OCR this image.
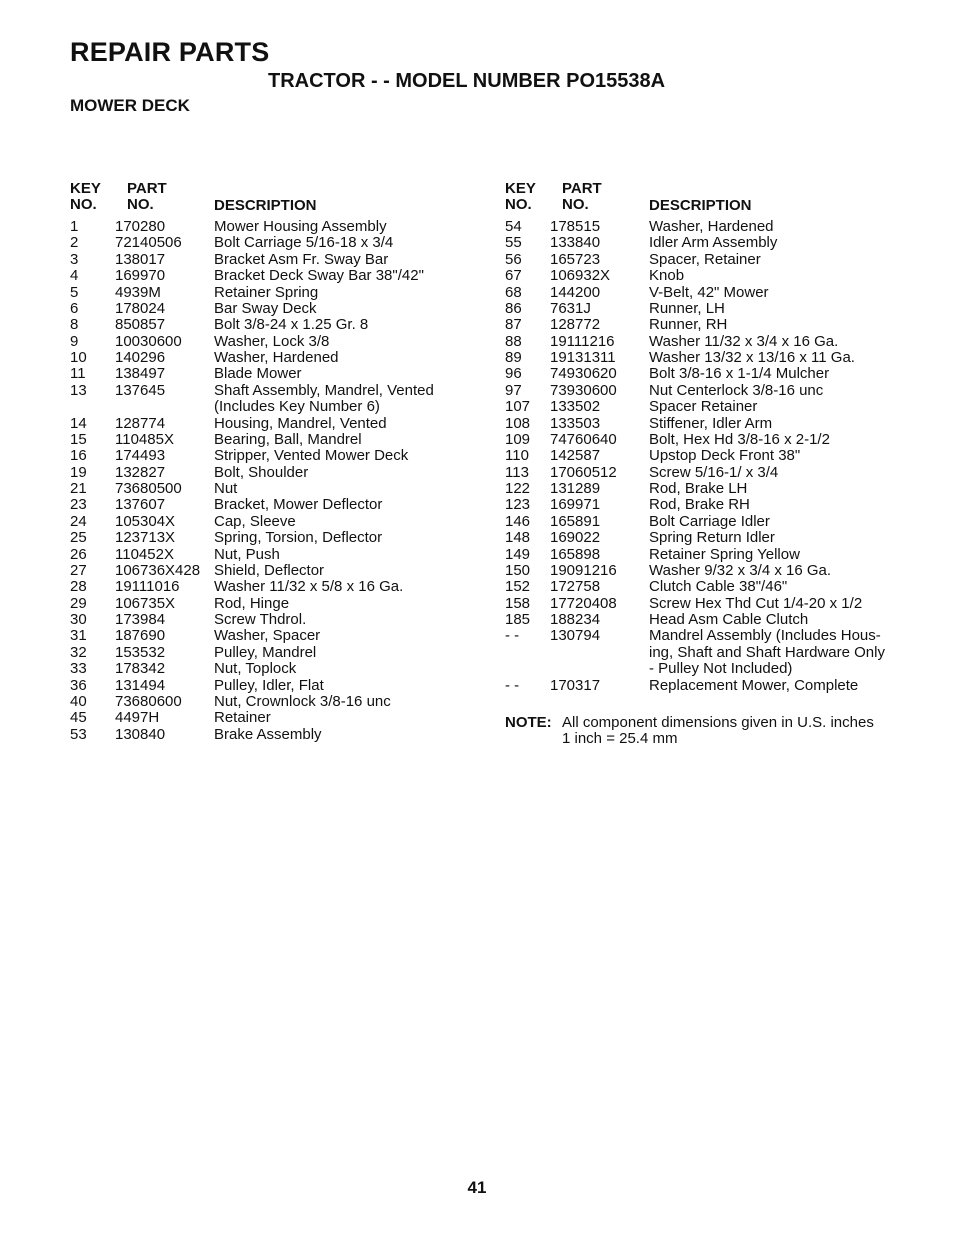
REPAIR PARTS
TRACTOR - - MODEL NUMBER PO15538A
MOWER DECK
KEY
NO.
PART
NO.	DESCRIPTION
1 170280	Mower Housing Assembly
2 72140506 Bolt Carriage 5/16-18 x 3/4
3 138017	Bracket Asm Fr. Sway Bar
4 169970	Bracket Deck Sway Bar 38"/42"
5 4939M	Retainer Spring
6 178024	Bar Sway Deck
8 850857	Bolt 3/8-24 x 1.25 Gr. 8
9 10030600 Washer, Lock 3/8
10 140296	Washer, Hardened
11 138497	Blade Mower
13 137645	Shaft Assembly, Mandrel, Vented
(Includes Key Number 6)
14 128774	Housing, Mandrel, Vented
15 110485X	Bearing, Ball, Mandrel
16 174493	Stripper, Vented Mower Deck
19 132827	Bolt, Shoulder
21 73680500 Nut
23 137607	Bracket, Mower Deflector
24 105304X	Cap, Sleeve
25 123713X	Spring, Torsion, Deflector
26 110452X	Nut, Push
27 106736X428 Shield, Deflector
28 19111016 Washer 11/32 x 5/8 x 16 Ga.
29 106735X	Rod, Hinge
30 173984	Screw Thdrol.
31 187690	Washer, Spacer
32 153532	Pulley, Mandrel
33 178342	Nut, Toplock
36 131494	Pulley, Idler, Flat
40 73680600 Nut, Crownlock 3/8-16 unc
45 4497H	Retainer
53 130840	Brake Assembly
KEY
NO.
PART
NO.	DESCRIPTION
54 178515	Washer, Hardened
55 133840	Idler Arm Assembly
56 165723	Spacer, Retainer
67 106932X	Knob
68 144200	V-Belt, 42" Mower
86 7631J	Runner, LH
87 128772	Runner, RH
88 19111216 Washer 11/32 x 3/4 x 16 Ga.
89 19131311 Washer 13/32 x 13/16 x 11 Ga.
96 74930620 Bolt 3/8-16 x 1-1/4 Mulcher
97 73930600 Nut Centerlock 3/8-16 unc
107 133502	Spacer Retainer
108 133503	Stiffener, Idler Arm
109 74760640 Bolt, Hex Hd 3/8-16 x 2-1/2
110 142587	Upstop Deck Front 38"
113 17060512 Screw 5/16-1/ x 3/4
122 131289	Rod, Brake LH
123 169971	Rod, Brake RH
146 165891	Bolt Carriage Idler
148 169022	Spring Return Idler
149 165898	Retainer Spring Yellow
150 19091216 Washer 9/32 x 3/4 x 16 Ga.
152 172758	Clutch Cable 38"/46"
158 17720408 Screw Hex Thd Cut 1/4-20 x 1/2
185 188234	Head Asm Cable Clutch
- - 130794	Mandrel Assembly (Includes Hous-
ing, Shaft and Shaft Hardware Only
- Pulley Not Included)
- - 170317	Replacement Mower, Complete
NOTE: All component dimensions given in U.S. inches
1 inch = 25.4 mm
41
